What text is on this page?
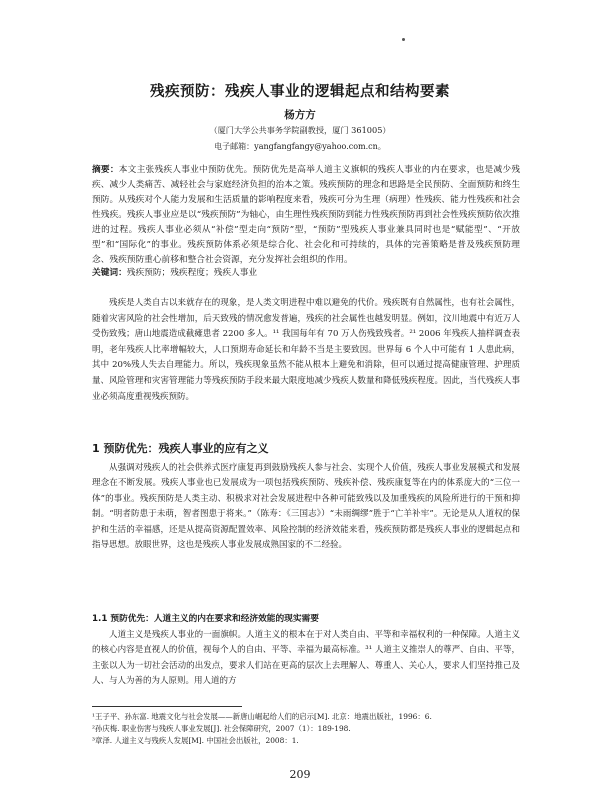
残疾预防：残疾人事业的逻辑起点和结构要素
杨方方
（厦门大学公共事务学院副教授，厦门 361005）
电子邮箱：yangfangfangy@yahoo.com.cn。

摘要：本文主张残疾人事业中预防优先。预防优先是高举人道主义旗帜的残疾人事业的内在要求，也是减少残疾、减少人类痛苦、减轻社会与家庭经济负担的治本之策。残疾预防的理念和思路是全民预防、全面预防和终生预防。从残疾对个人能力发展和生活质量的影响程度来看，残疾可分为生理（病理）性残疾、能力性残疾和社会性残疾。残疾人事业应是以“残疾预防”为轴心，由生理性残疾预防到能力性残疾预防再到社会性残疾预防依次推进的过程。残疾人事业必须从“补偿”型走向“预防”型，“预防”型残疾人事业兼具同时也是“赋能型”、“开放型”和“国际化”的事业。残疾预防体系必须是综合化、社会化和可持续的，具体的完善策略是普及残疾预防理念、残疾预防重心前移和整合社会资源，充分发挥社会组织的作用。

关键词：残疾预防；残疾程度；残疾人事业

残疾是人类自古以来就存在的现象，是人类文明进程中难以避免的代价。残疾既有自然属性，也有社会属性，随着灾害风险的社会性增加，后天致残的情况愈发普遍，残疾的社会属性也越发明显。例如，汶川地震中有近万人受伤致残；唐山地震造成截瘫患者 2200 多人。¹¹ 我国每年有 70 万人伤残致残者。²¹ 2006 年残疾人抽样调查表明，老年残疾人比率增幅较大，人口预期寿命延长和年龄不当是主要致因。世界每 6 个人中可能有 1 人患此病，其中 20%残人失去自理能力。所以，残疾现象虽然不能从根本上避免和消除，但可以通过提高健康管理、护理质量、风险管理和灾害管理能力等残疾预防手段来最大限度地减少残疾人数量和降低残疾程度。因此，当代残疾人事业必须高度重视残疾预防。

1 预防优先：残疾人事业的应有之义

从强调对残疾人的社会供养式医疗康复再到鼓励残疾人参与社会、实现个人价值，残疾人事业发展模式和发展理念在不断发展。残疾人事业也已发展成为一项包括残疾预防、残疾补偿、残疾康复等在内的体系庞大的“三位一体”的事业。残疾预防是人类主动、积极求对社会发展进程中各种可能致残以及加重残疾的风险所进行的干预和抑制。“明者防患于未萌，智者图患于将来。”（陈寿：《三国志》）“未雨绸缪”胜于“亡羊补牢”。无论是从人道权的保护和生活的幸福感，还是从提高资源配置效率、风险控制的经济效能来看，残疾预防都是残疾人事业的逻辑起点和指导思想。放眼世界，这也是残疾人事业发展成熟国家的不二经验。

1.1 预防优先：人道主义的内在要求和经济效能的现实需要

人道主义是残疾人事业的一面旗帜。人道主义的根本在于对人类自由、平等和幸福权利的一种保障。人道主义的核心内容是直视人的价值，视每个人的自由、平等、幸福为最高标准。³¹ 人道主义推崇人的尊严、自由、平等，主张以人为一切社会活动的出发点，要求人们站在更高的层次上去理解人、尊重人、关心人，要求人们坚持推己及人、与人为善的为人原则。用人道的方

¹王子平、孙东富. 地震文化与社会发展——新唐山崛起给人们的启示[M]. 北京：地震出版社，1996：6.

²孙庆梅. 职业伤害与残疾人事业发展[J]. 社会保障研究，2007（1）：189-198.

³章泽. 人道主义与残疾人发展[M]. 中国社会出版社，2008：1.

209
